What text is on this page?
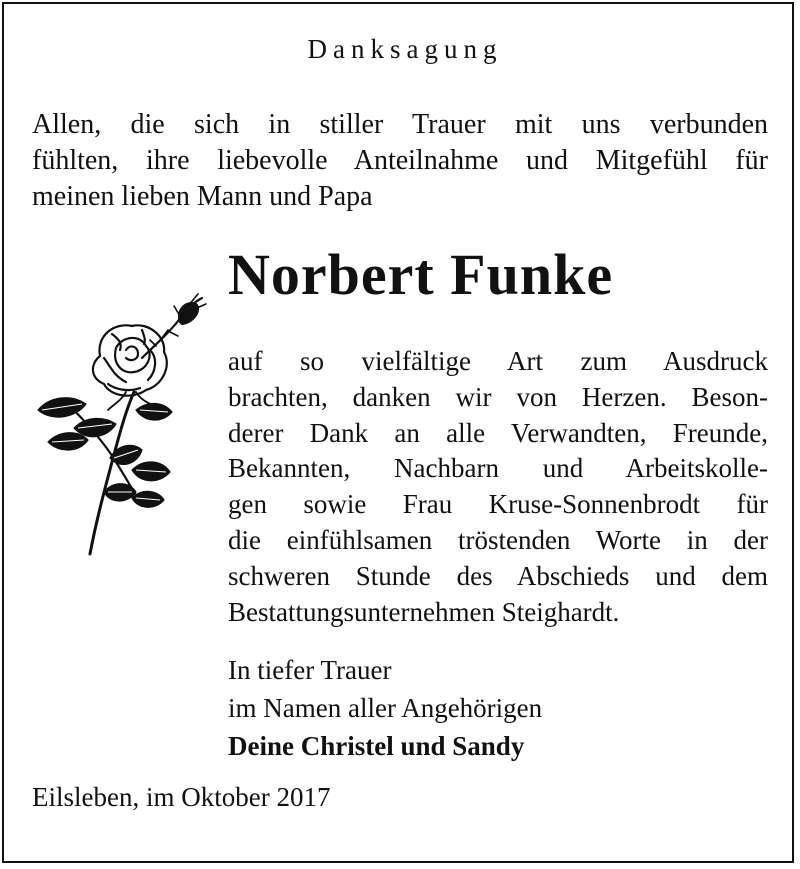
Danksagung

Allen, die sich in stiller Trauer mit uns verbunden
fühlten, ihre liebevolle Anteilnahme und Mitgefühl für
meinen lieben Mann und Papa

Norbert Funke

auf so vielfältige Art zum Ausdruck
brachten, danken wir von Herzen. Beson-
derer Dank an alle Verwandten, Freunde,
Bekannten, Nachbarn und Arbeitskolle-
gen sowie Frau Kruse-Sonnenbrodt für
die einfühlsamen tröstenden Worte in der
schweren Stunde des Abschieds und dem
Bestattungsunternehmen Steighardt.

In tiefer Trauer
im Namen aller Angehörigen
Deine Christel und Sandy
Eilsleben, im Oktober 2017
